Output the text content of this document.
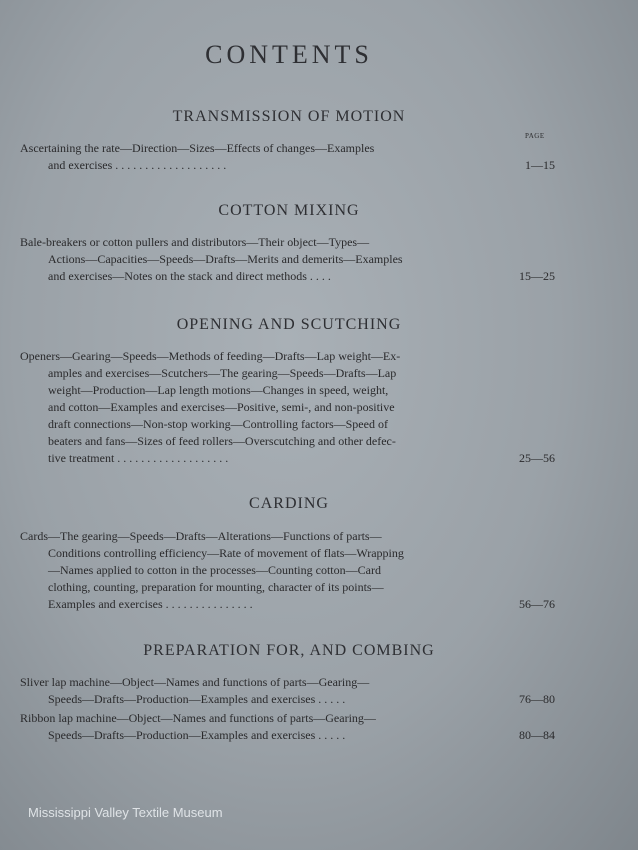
CONTENTS
TRANSMISSION OF MOTION
PAGE
Ascertaining the rate—Direction—Sizes—Effects of changes—Examples
and exercises . . . . . . . . . . . . . . . . . . .	1—15
COTTON MIXING
Bale-breakers or cotton pullers and distributors—Their object—Types—
Actions—Capacities—Speeds—Drafts—Merits and demerits—Examples
and exercises—Notes on the stack and direct methods . . . .	15—25
OPENING AND SCUTCHING
Openers—Gearing—Speeds—Methods of feeding—Drafts—Lap weight—Ex-
amples and exercises—Scutchers—The gearing—Speeds—Drafts—Lap
weight—Production—Lap length motions—Changes in speed, weight,
and cotton—Examples and exercises—Positive, semi-, and non-positive
draft connections—Non-stop working—Controlling factors—Speed of
beaters and fans—Sizes of feed rollers—Overscutching and other defec-
tive treatment . . . . . . . . . . . . . . . . . . .	25—56
CARDING
Cards—The gearing—Speeds—Drafts—Alterations—Functions of parts—
Conditions controlling efficiency—Rate of movement of flats—Wrapping
—Names applied to cotton in the processes—Counting cotton—Card
clothing, counting, preparation for mounting, character of its points—
Examples and exercises . . . . . . . . . . . . . . .	56—76
PREPARATION FOR, AND COMBING
Sliver lap machine—Object—Names and functions of parts—Gearing—
Speeds—Drafts—Production—Examples and exercises . . . . .	76—80
Ribbon lap machine—Object—Names and functions of parts—Gearing—
Speeds—Drafts—Production—Examples and exercises . . . . .	80—84
Mississippi Valley Textile Museum
